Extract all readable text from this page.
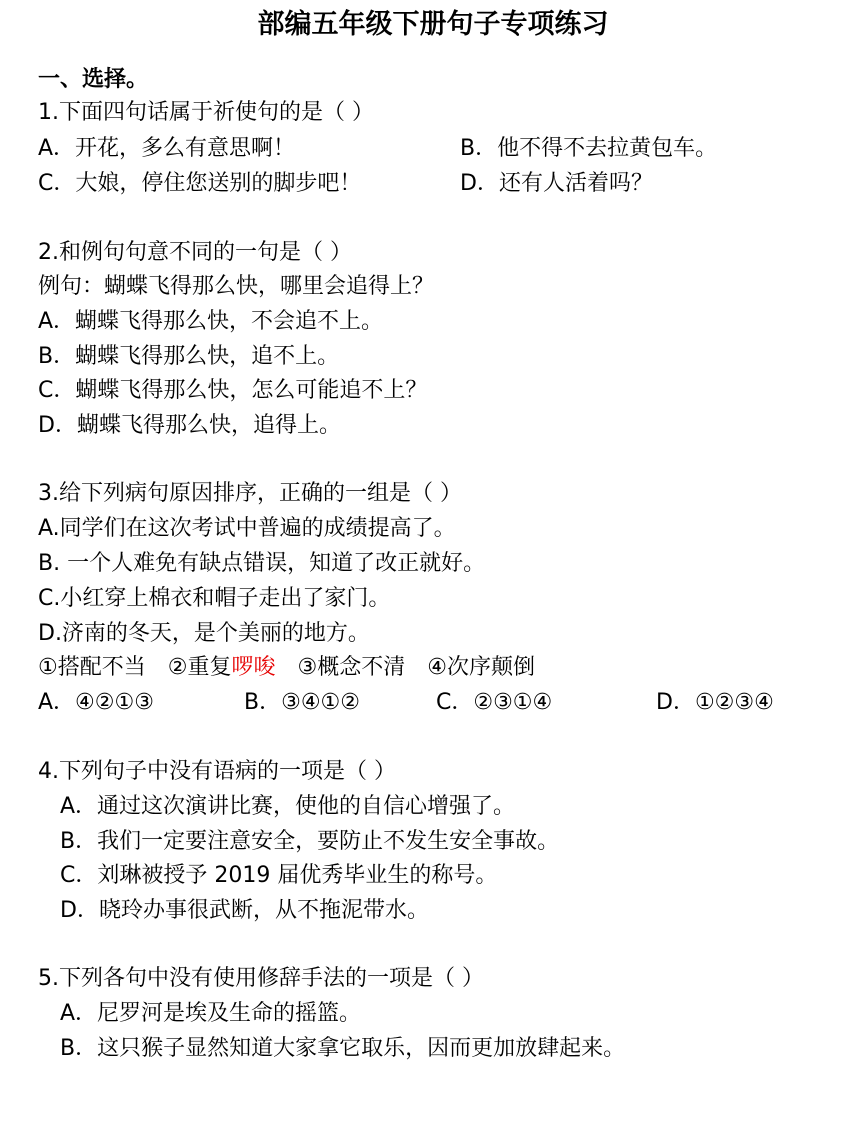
部编五年级下册句子专项练习
一、选择。
1.下面四句话属于祈使句的是（ ）
A．开花，多么有意思啊！	B．他不得不去拉黄包车。
C．大娘，停住您送别的脚步吧！	D．还有人活着吗？
2.和例句句意不同的一句是（ ）
例句：蝴蝶飞得那么快，哪里会追得上？
A．蝴蝶飞得那么快，不会追不上。
B．蝴蝶飞得那么快，追不上。
C．蝴蝶飞得那么快，怎么可能追不上？
D．蝴蝶飞得那么快，追得上。
3.给下列病句原因排序，正确的一组是（ ）
A.同学们在这次考试中普遍的成绩提高了。
B. 一个人难免有缺点错误，知道了改正就好。
C.小红穿上棉衣和帽子走出了家门。
D.济南的冬天，是个美丽的地方。
①搭配不当 ②重复啰唆 ③概念不清 ④次序颠倒
A．④②①③	B．③④①②	C．②③①④	D．①②③④
4.下列句子中没有语病的一项是（ ）
A．通过这次演讲比赛，使他的自信心增强了。
B．我们一定要注意安全，要防止不发生安全事故。
C．刘琳被授予 2019 届优秀毕业生的称号。
D．晓玲办事很武断，从不拖泥带水。
5.下列各句中没有使用修辞手法的一项是（ ）
A．尼罗河是埃及生命的摇篮。
B．这只猴子显然知道大家拿它取乐，因而更加放肆起来。
